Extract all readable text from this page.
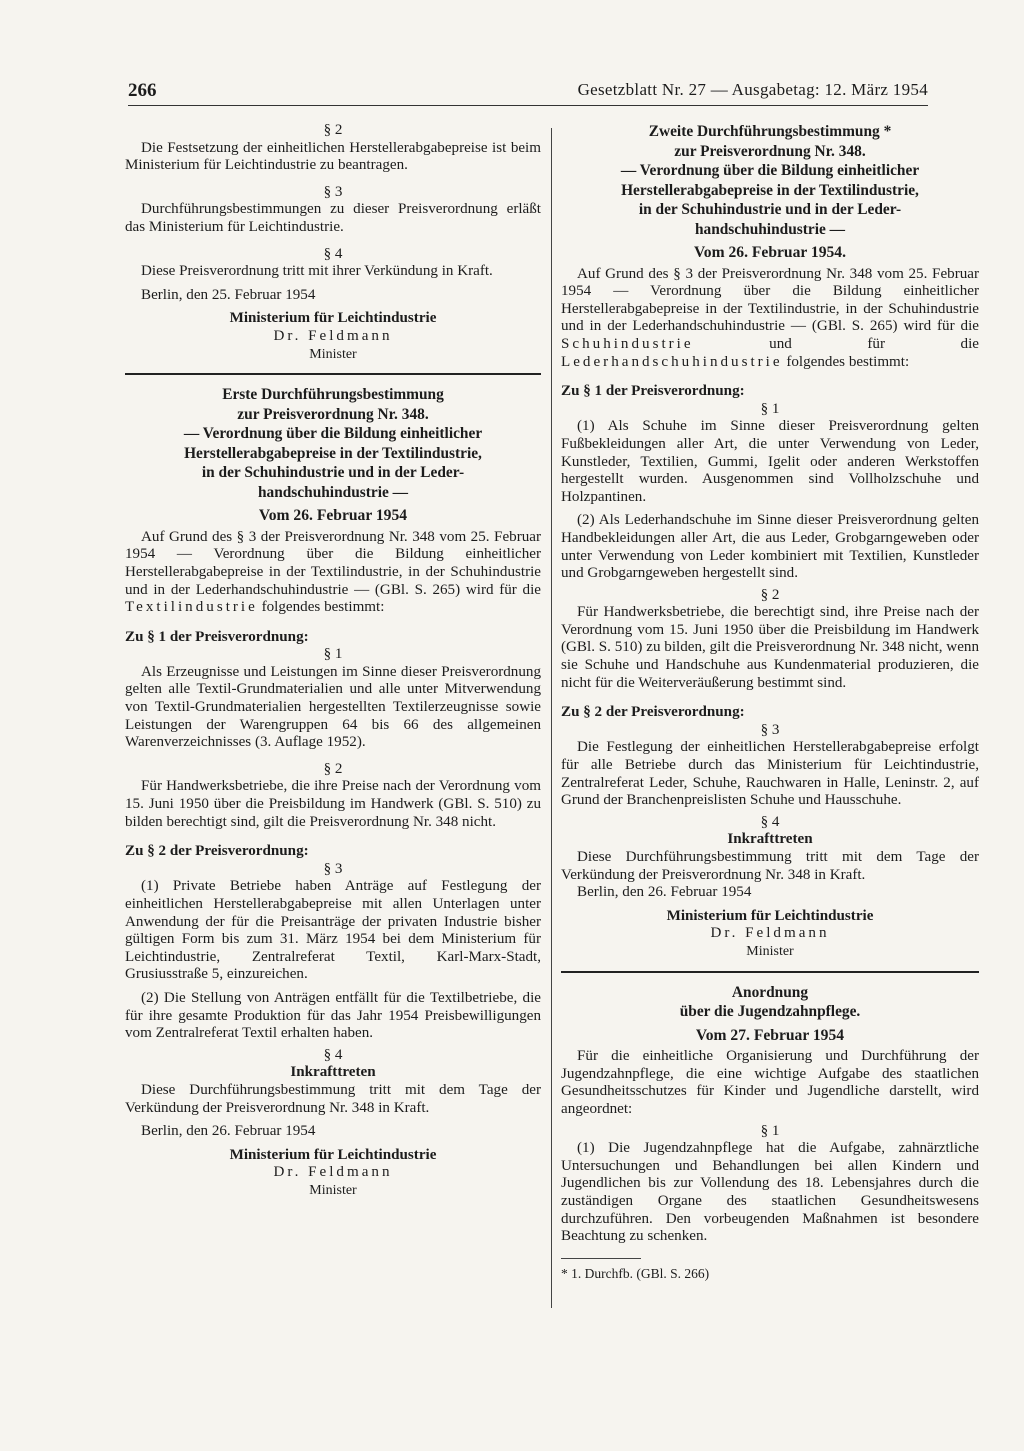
266	Gesetzblatt Nr. 27 — Ausgabetag: 12. März 1954

§ 2

Die Festsetzung der einheitlichen Herstellerabgabepreise ist beim Ministerium für Leichtindustrie zu beantragen.

§ 3

Durchführungsbestimmungen zu dieser Preisverordnung erläßt das Ministerium für Leichtindustrie.

§ 4

Diese Preisverordnung tritt mit ihrer Verkündung in Kraft.

Berlin, den 25. Februar 1954

Ministerium für Leichtindustrie

Dr. Feldmann

Minister

Erste Durchführungsbestimmung

zur Preisverordnung Nr. 348.

— Verordnung über die Bildung einheitlicher

Herstellerabgabepreise in der Textilindustrie,

in der Schuhindustrie und in der Leder-

handschuhindustrie —

Vom 26. Februar 1954

Auf Grund des § 3 der Preisverordnung Nr. 348 vom 25. Februar 1954 — Verordnung über die Bildung einheitlicher Herstellerabgabepreise in der Textilindustrie, in der Schuhindustrie und in der Lederhandschuhindustrie — (GBl. S. 265) wird für die Textilindustrie folgendes bestimmt:

Zu § 1 der Preisverordnung:

§ 1

Als Erzeugnisse und Leistungen im Sinne dieser Preisverordnung gelten alle Textil-Grundmaterialien und alle unter Mitverwendung von Textil-Grundmaterialien hergestellten Textilerzeugnisse sowie Leistungen der Warengruppen 64 bis 66 des allgemeinen Warenverzeichnisses (3. Auflage 1952).

§ 2

Für Handwerksbetriebe, die ihre Preise nach der Verordnung vom 15. Juni 1950 über die Preisbildung im Handwerk (GBl. S. 510) zu bilden berechtigt sind, gilt die Preisverordnung Nr. 348 nicht.

Zu § 2 der Preisverordnung:

§ 3

(1) Private Betriebe haben Anträge auf Festlegung der einheitlichen Herstellerabgabepreise mit allen Unterlagen unter Anwendung der für die Preisanträge der privaten Industrie bisher gültigen Form bis zum 31. März 1954 bei dem Ministerium für Leichtindustrie, Zentralreferat Textil, Karl-Marx-Stadt, Grusiusstraße 5, einzureichen.

(2) Die Stellung von Anträgen entfällt für die Textilbetriebe, die für ihre gesamte Produktion für das Jahr 1954 Preisbewilligungen vom Zentralreferat Textil erhalten haben.

§ 4

Inkrafttreten

Diese Durchführungsbestimmung tritt mit dem Tage der Verkündung der Preisverordnung Nr. 348 in Kraft.

Berlin, den 26. Februar 1954

Ministerium für Leichtindustrie

Dr. Feldmann

Minister

Zweite Durchführungsbestimmung *

zur Preisverordnung Nr. 348.

— Verordnung über die Bildung einheitlicher

Herstellerabgabepreise in der Textilindustrie,

in der Schuhindustrie und in der Leder-

handschuhindustrie —

Vom 26. Februar 1954.

Auf Grund des § 3 der Preisverordnung Nr. 348 vom 25. Februar 1954 — Verordnung über die Bildung einheitlicher Herstellerabgabepreise in der Textilindustrie, in der Schuhindustrie und in der Lederhandschuhindustrie — (GBl. S. 265) wird für die Schuhindustrie	und für die Lederhandschuhindustrie folgendes bestimmt:

Zu § 1 der Preisverordnung:

§ 1

(1) Als Schuhe im Sinne dieser Preisverordnung gelten Fußbekleidungen aller Art, die unter Verwendung von Leder, Kunstleder, Textilien, Gummi, Igelit oder anderen Werkstoffen hergestellt wurden. Ausgenommen sind Vollholzschuhe und Holzpantinen.

(2) Als Lederhandschuhe im Sinne dieser Preisverordnung gelten Handbekleidungen aller Art, die aus Leder, Grobgarngeweben oder unter Verwendung von Leder kombiniert mit Textilien, Kunstleder und Grobgarngeweben hergestellt sind.

§ 2

Für Handwerksbetriebe, die berechtigt sind, ihre Preise nach der Verordnung vom 15. Juni 1950 über die Preisbildung im Handwerk (GBl. S. 510) zu bilden, gilt die Preisverordnung Nr. 348 nicht, wenn sie Schuhe und Handschuhe aus Kundenmaterial produzieren, die nicht für die Weiterveräußerung bestimmt sind.

Zu § 2 der Preisverordnung:

§ 3

Die Festlegung der einheitlichen Herstellerabgabepreise erfolgt für alle Betriebe durch das Ministerium für Leichtindustrie, Zentralreferat Leder, Schuhe, Rauchwaren in Halle, Leninstr. 2, auf Grund der Branchenpreislisten Schuhe und Hausschuhe.

§ 4

Inkrafttreten

Diese Durchführungsbestimmung tritt mit dem Tage der Verkündung der Preisverordnung Nr. 348 in Kraft.

Berlin, den 26. Februar 1954

Ministerium für Leichtindustrie

Dr. Feldmann

Minister

Anordnung

über die Jugendzahnpflege.

Vom 27. Februar 1954

Für die einheitliche Organisierung und Durchführung der Jugendzahnpflege, die eine wichtige Aufgabe des staatlichen Gesundheitsschutzes für Kinder und Jugendliche darstellt, wird angeordnet:

§ 1

(1) Die Jugendzahnpflege hat die Aufgabe, zahnärztliche Untersuchungen und Behandlungen bei allen Kindern und Jugendlichen bis zur Vollendung des 18. Lebensjahres durch die zuständigen Organe des staatlichen Gesundheitswesens durchzuführen. Den vorbeugenden Maßnahmen ist besondere Beachtung zu schenken.

* 1. Durchfb. (GBl. S. 266)
